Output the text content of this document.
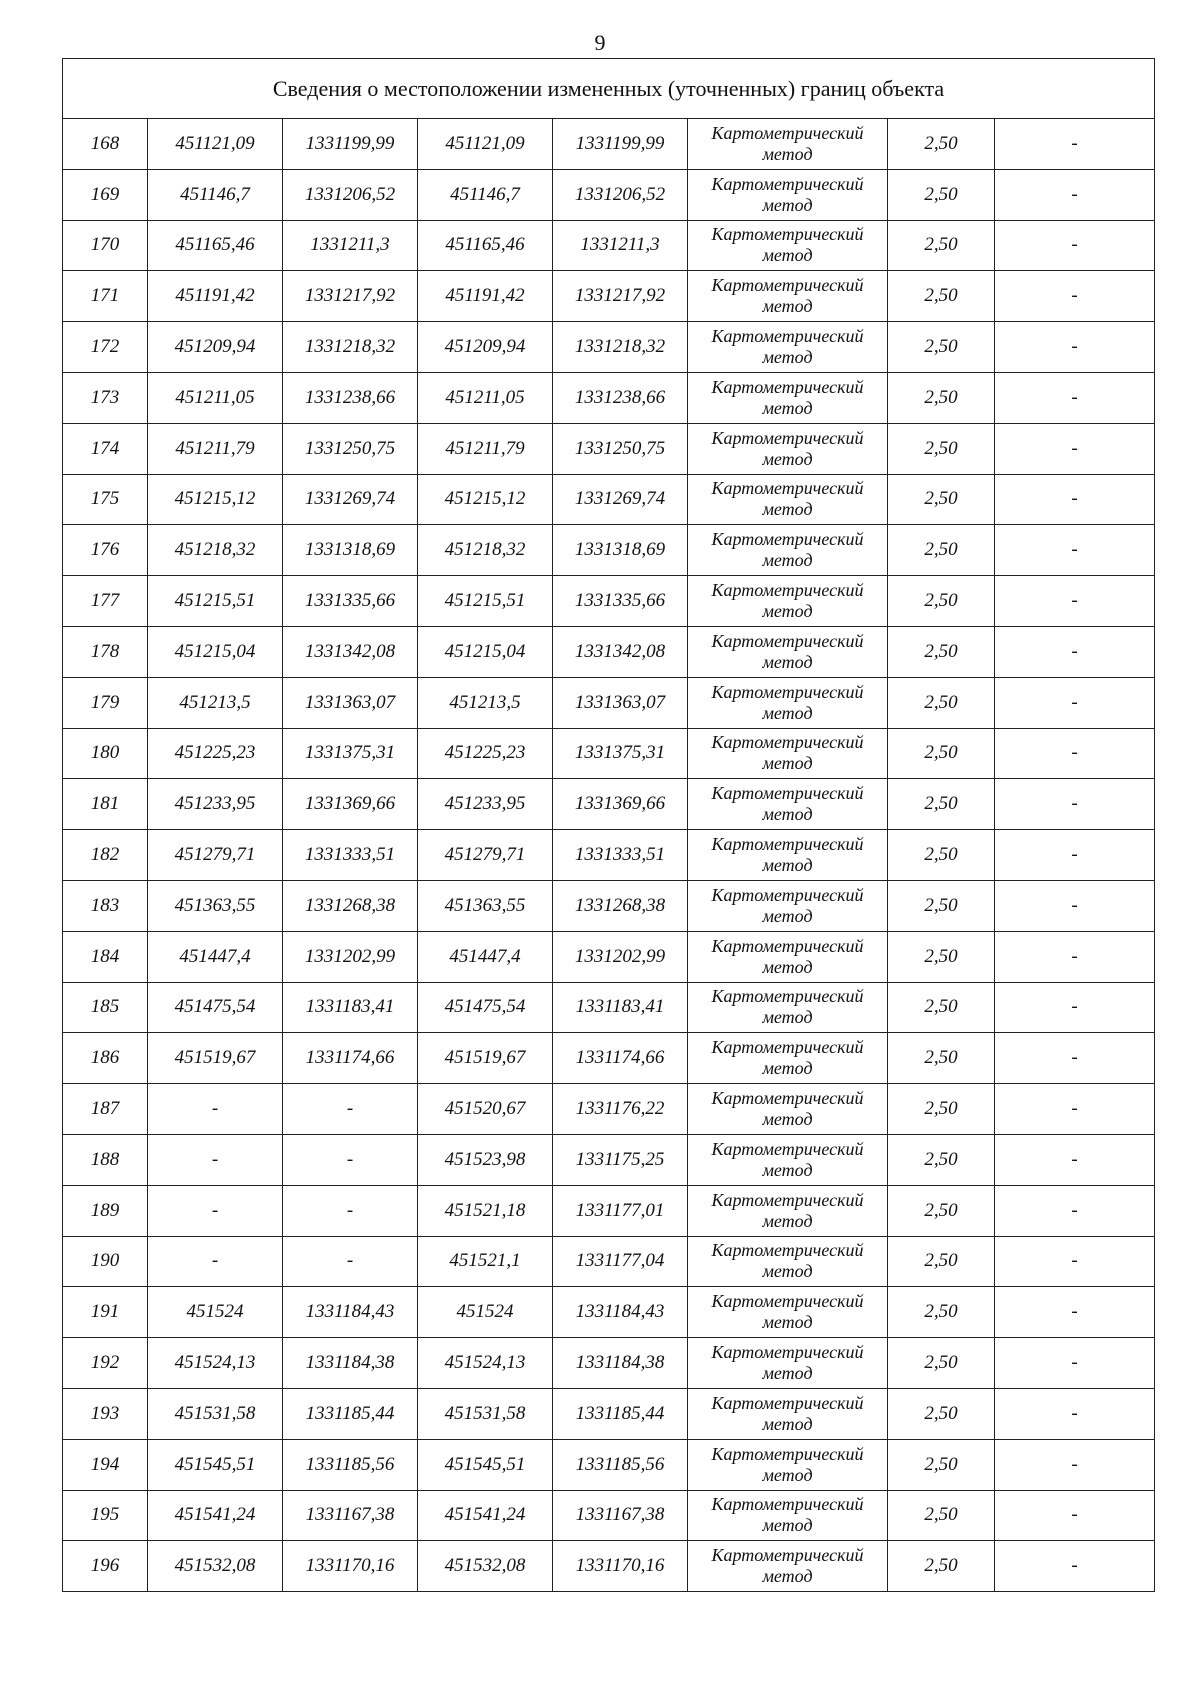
9
Сведения о местоположении измененных (уточненных) границ объекта							
168	451121,09	1331199,99	451121,09	1331199,99	Картометрический
метод	2,50	-
169	451146,7	1331206,52	451146,7	1331206,52	Картометрический
метод	2,50	-
170	451165,46	1331211,3	451165,46	1331211,3	Картометрический
метод	2,50	-
171	451191,42	1331217,92	451191,42	1331217,92	Картометрический
метод	2,50	-
172	451209,94	1331218,32	451209,94	1331218,32	Картометрический
метод	2,50	-
173	451211,05	1331238,66	451211,05	1331238,66	Картометрический
метод	2,50	-
174	451211,79	1331250,75	451211,79	1331250,75	Картометрический
метод	2,50	-
175	451215,12	1331269,74	451215,12	1331269,74	Картометрический
метод	2,50	-
176	451218,32	1331318,69	451218,32	1331318,69	Картометрический
метод	2,50	-
177	451215,51	1331335,66	451215,51	1331335,66	Картометрический
метод	2,50	-
178	451215,04	1331342,08	451215,04	1331342,08	Картометрический
метод	2,50	-
179	451213,5	1331363,07	451213,5	1331363,07	Картометрический
метод	2,50	-
180	451225,23	1331375,31	451225,23	1331375,31	Картометрический
метод	2,50	-
181	451233,95	1331369,66	451233,95	1331369,66	Картометрический
метод	2,50	-
182	451279,71	1331333,51	451279,71	1331333,51	Картометрический
метод	2,50	-
183	451363,55	1331268,38	451363,55	1331268,38	Картометрический
метод	2,50	-
184	451447,4	1331202,99	451447,4	1331202,99	Картометрический
метод	2,50	-
185	451475,54	1331183,41	451475,54	1331183,41	Картометрический
метод	2,50	-
186	451519,67	1331174,66	451519,67	1331174,66	Картометрический
метод	2,50	-
187	-	-	451520,67	1331176,22	Картометрический
метод	2,50	-
188	-	-	451523,98	1331175,25	Картометрический
метод	2,50	-
189	-	-	451521,18	1331177,01	Картометрический
метод	2,50	-
190	-	-	451521,1	1331177,04	Картометрический
метод	2,50	-
191	451524	1331184,43	451524	1331184,43	Картометрический
метод	2,50	-
192	451524,13	1331184,38	451524,13	1331184,38	Картометрический
метод	2,50	-
193	451531,58	1331185,44	451531,58	1331185,44	Картометрический
метод	2,50	-
194	451545,51	1331185,56	451545,51	1331185,56	Картометрический
метод	2,50	-
195	451541,24	1331167,38	451541,24	1331167,38	Картометрический
метод	2,50	-
196	451532,08	1331170,16	451532,08	1331170,16	Картометрический
метод	2,50	-
